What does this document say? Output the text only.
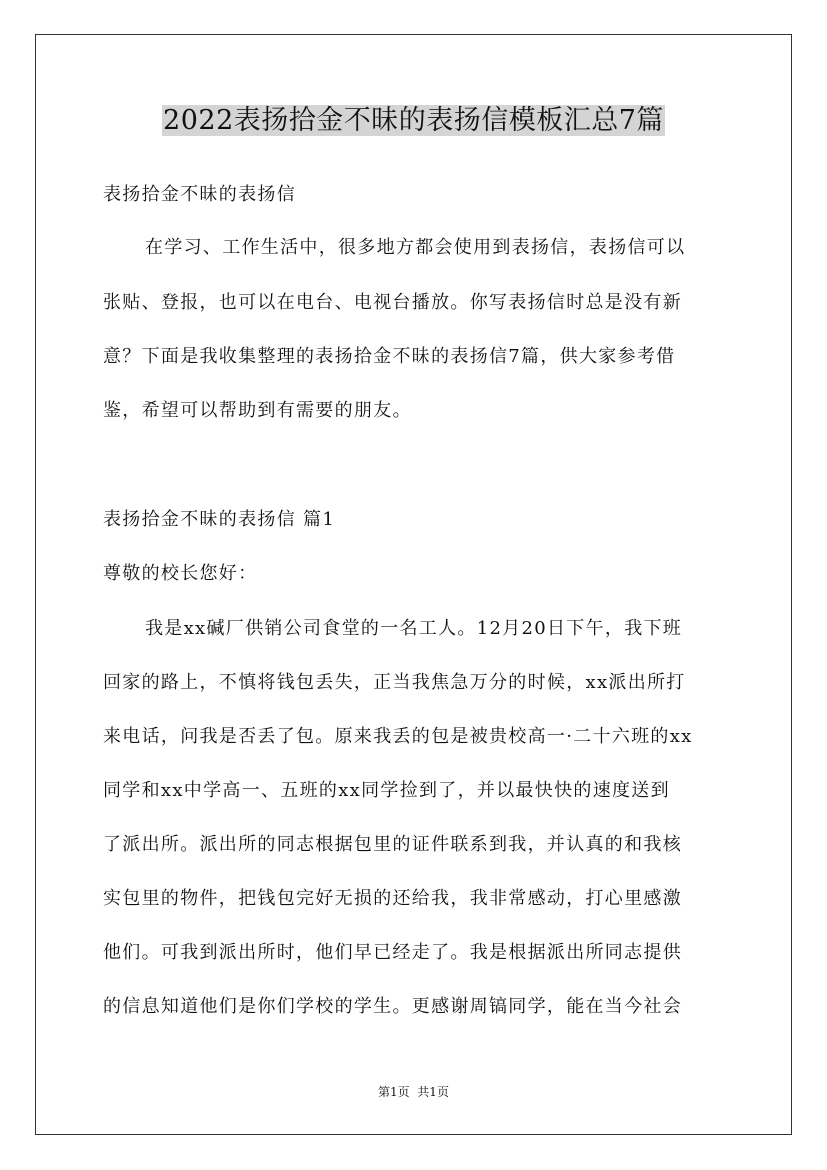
2022表扬拾金不昧的表扬信模板汇总7篇
表扬拾金不昧的表扬信
在学习、工作生活中，很多地方都会使用到表扬信，表扬信可以
张贴、登报，也可以在电台、电视台播放。你写表扬信时总是没有新
意？下面是我收集整理的表扬拾金不昧的表扬信7篇，供大家参考借
鉴，希望可以帮助到有需要的朋友。
表扬拾金不昧的表扬信 篇1
尊敬的校长您好：
我是xx碱厂供销公司食堂的一名工人。12月20日下午，我下班
回家的路上，不慎将钱包丢失，正当我焦急万分的时候，xx派出所打
来电话，问我是否丢了包。原来我丢的包是被贵校高一·二十六班的xx
同学和xx中学高一、五班的xx同学捡到了，并以最快快的速度送到
了派出所。派出所的同志根据包里的证件联系到我，并认真的和我核
实包里的物件，把钱包完好无损的还给我，我非常感动，打心里感激
他们。可我到派出所时，他们早已经走了。我是根据派出所同志提供
的信息知道他们是你们学校的学生。更感谢周镐同学，能在当今社会
第1页  共1页
